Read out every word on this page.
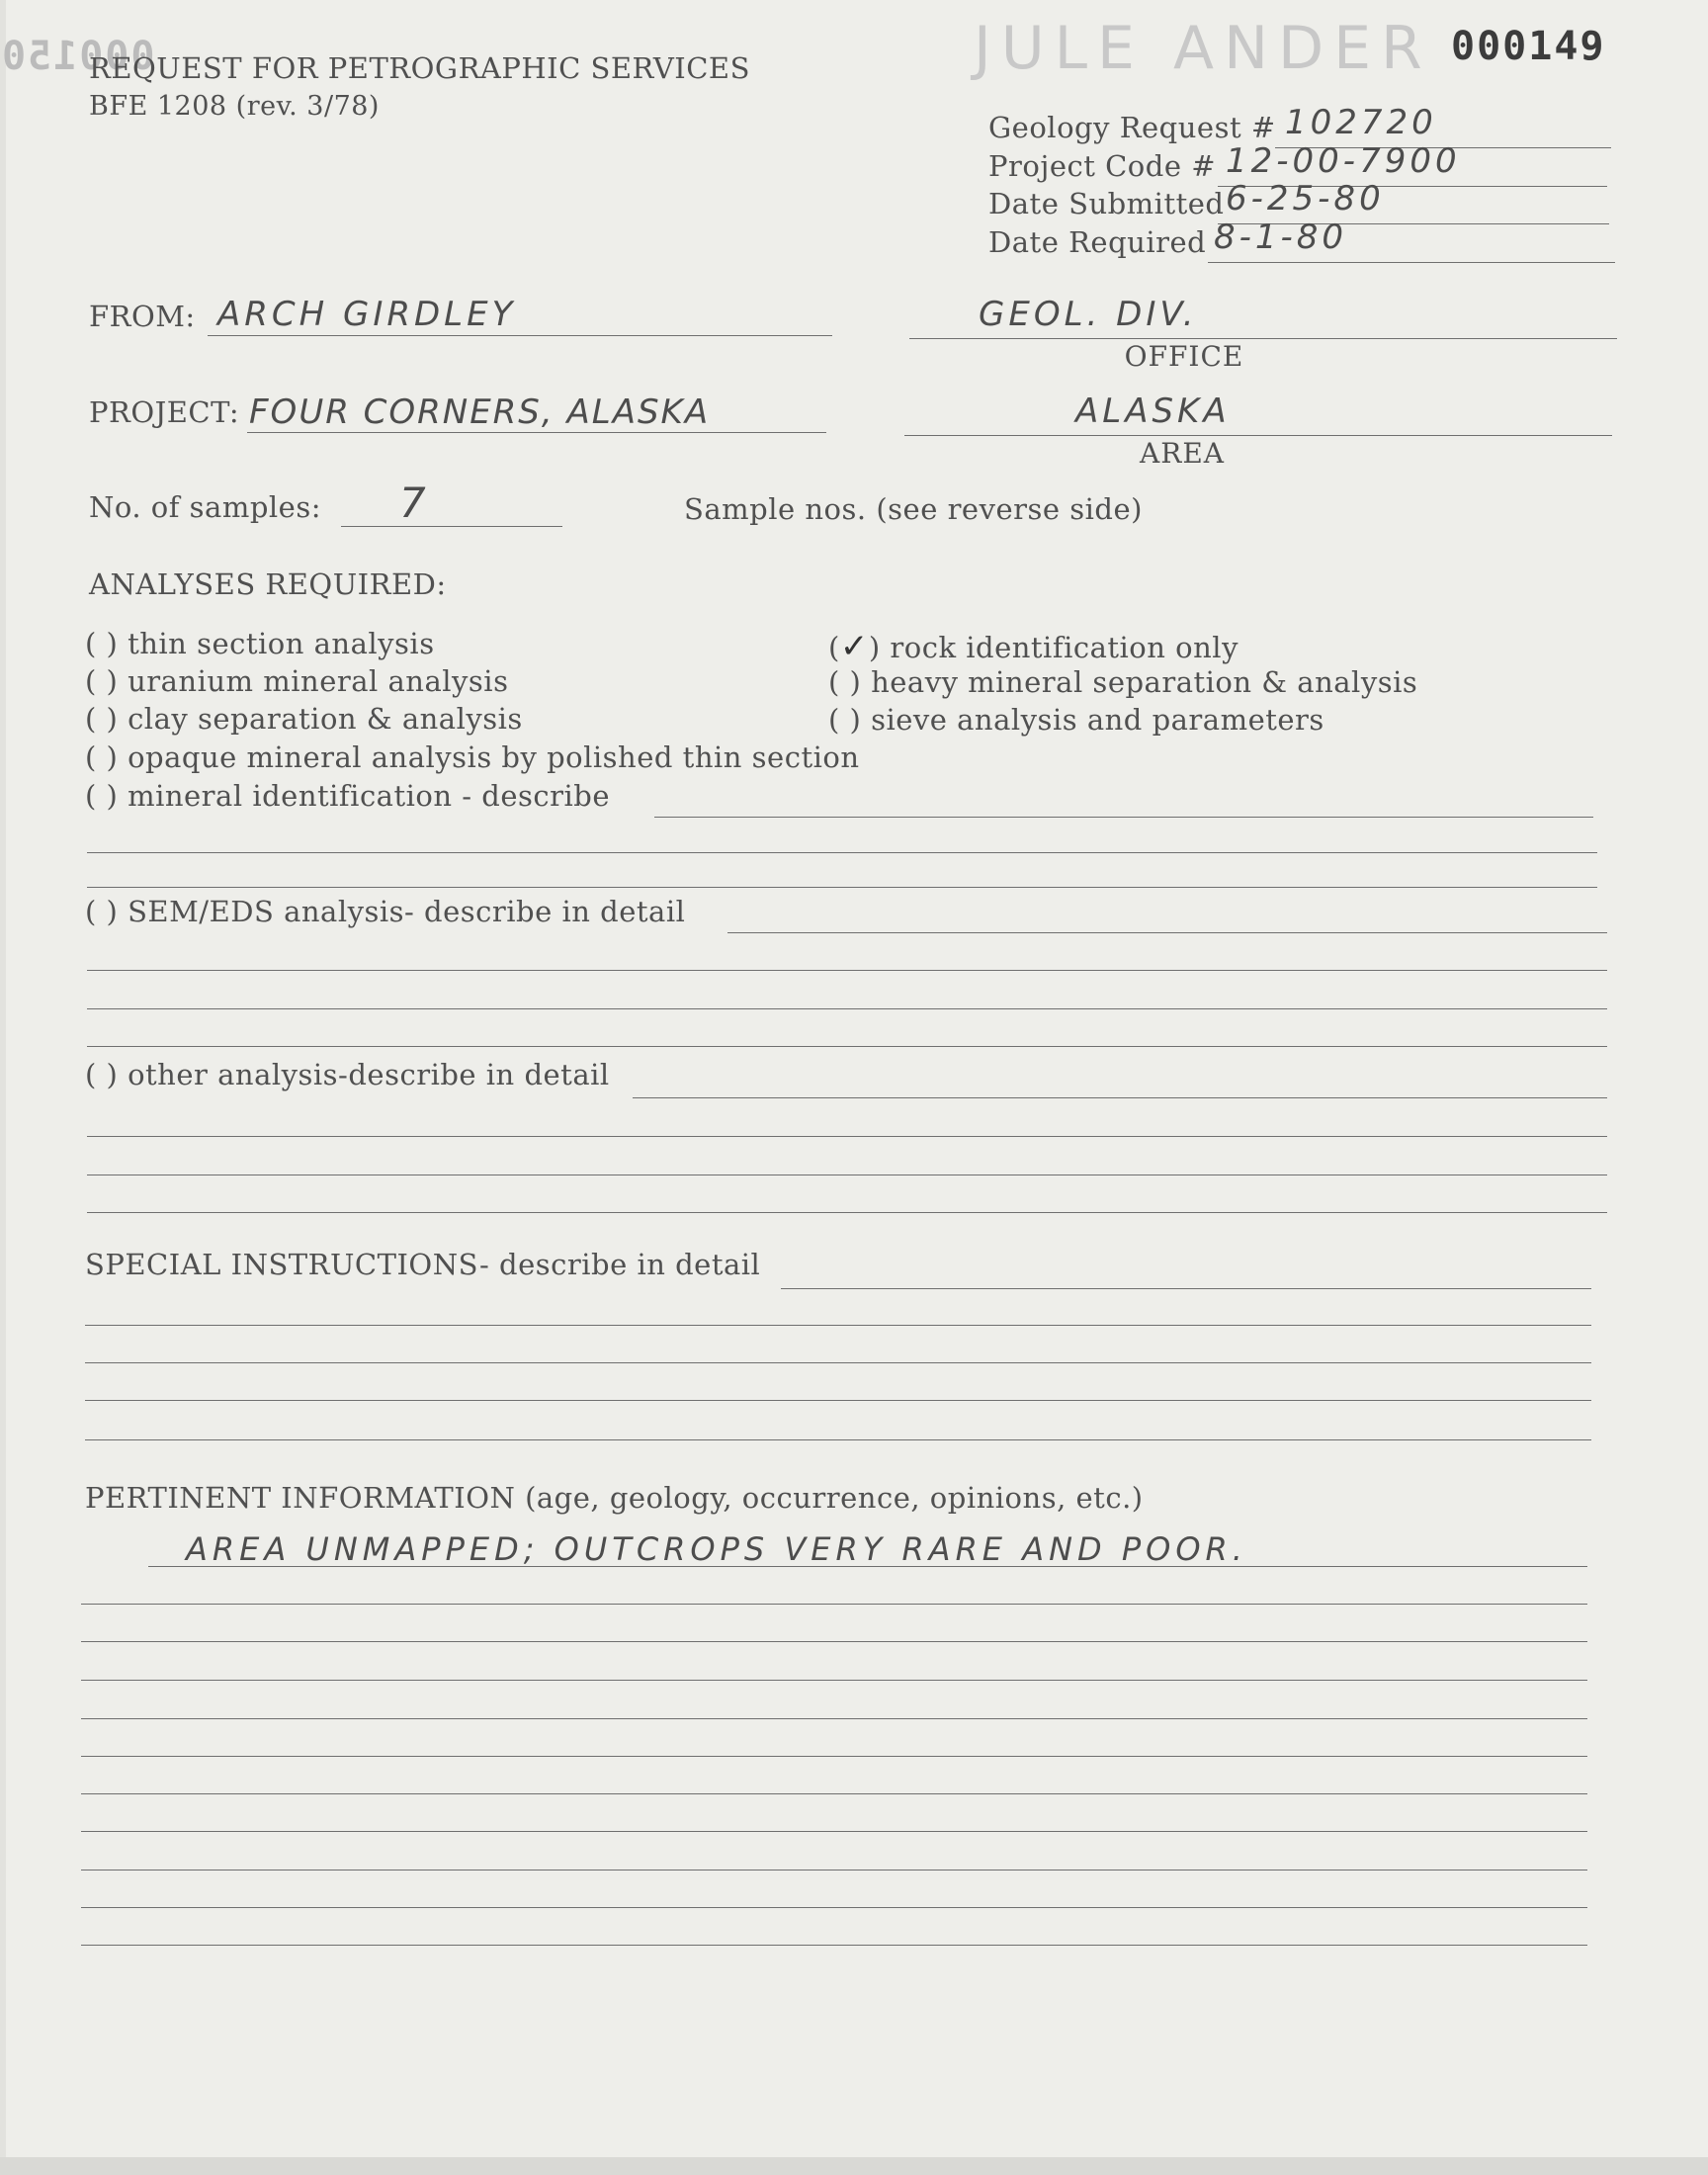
000150	JULE ANDER 000149
REQUEST FOR PETROGRAPHIC SERVICES
BFE 1208 (rev. 3/78)
Geology Request # 102720
Project Code # 12-00-7900
Date Submitted 6-25-80
Date Required 8-1-80
FROM: ARCH GIRDLEY	GEOL. DIV.
OFFICE
PROJECT: FOUR CORNERS, ALASKA	ALASKA
AREA
No. of samples: 7	Sample nos. (see reverse side)
ANALYSES REQUIRED:
( ) thin section analysis
( ) uranium mineral analysis
( ) clay separation & analysis
( ) opaque mineral analysis by polished thin section
( ) mineral identification - describe
(✓) rock identification only
( ) heavy mineral separation & analysis
( ) sieve analysis and parameters
( ) SEM/EDS analysis- describe in detail
( ) other analysis-describe in detail
SPECIAL INSTRUCTIONS- describe in detail
PERTINENT INFORMATION (age, geology, occurrence, opinions, etc.)
AREA UNMAPPED; OUTCROPS VERY RARE AND POOR.
